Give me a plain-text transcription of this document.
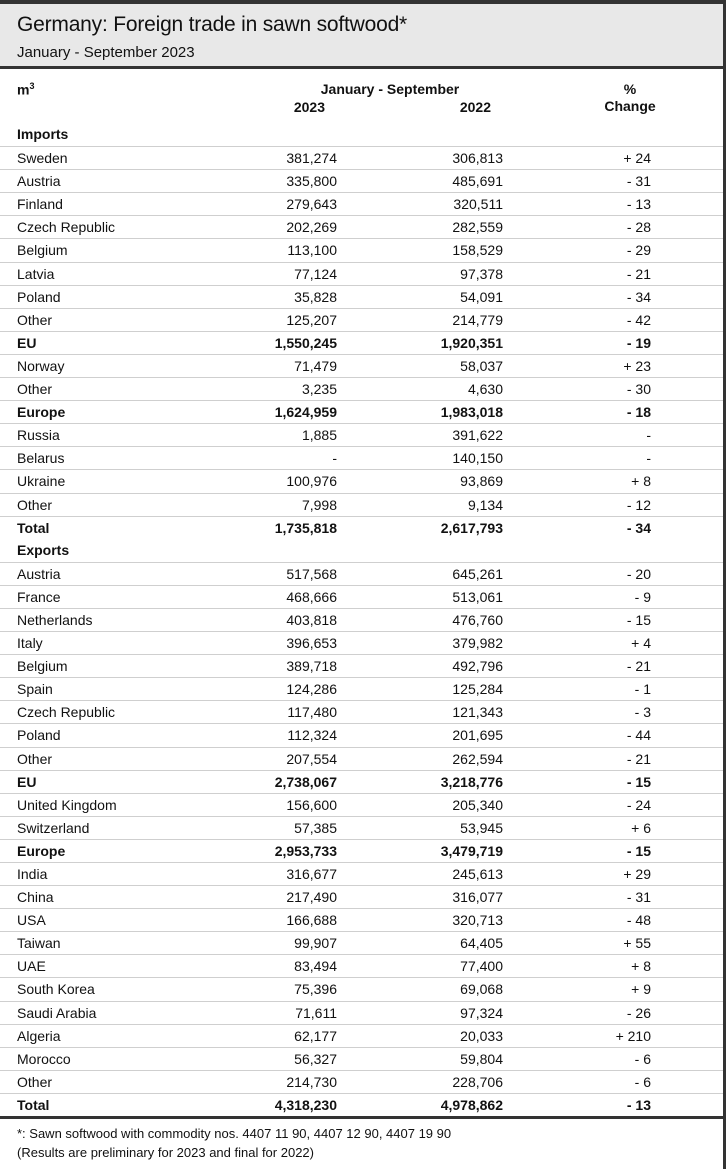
Germany: Foreign trade in sawn softwood*
January - September 2023
$m^3$	January - September
2023	2022
%
Change
Imports
Sweden	381,274	306,813	+ 24
Austria	335,800	485,691	- 31
Finland	279,643	320,511	- 13
Czech Republic	202,269	282,559	- 28
Belgium	113,100	158,529	- 29
Latvia	77,124	97,378	- 21
Poland	35,828	54,091	- 34
Other	125,207	214,779	- 42
EU	1,550,245	1,920,351	- 19
Norway	71,479	58,037	+ 23
Other	3,235	4,630	- 30
Europe	1,624,959	1,983,018	- 18
Russia	1,885	391,622	-
Belarus	-	140,150	-
Ukraine	100,976	93,869	+ 8
Other	7,998	9,134	- 12
Total	1,735,818	2,617,793	- 34
Exports
Austria	517,568	645,261	- 20
France	468,666	513,061	- 9
Netherlands	403,818	476,760	- 15
Italy	396,653	379,982	+ 4
Belgium	389,718	492,796	- 21
Spain	124,286	125,284	- 1
Czech Republic	117,480	121,343	- 3
Poland	112,324	201,695	- 44
Other	207,554	262,594	- 21
EU	2,738,067	3,218,776	- 15
United Kingdom	156,600	205,340	- 24
Switzerland	57,385	53,945	+ 6
Europe	2,953,733	3,479,719	- 15
India	316,677	245,613	+ 29
China	217,490	316,077	- 31
USA	166,688	320,713	- 48
Taiwan	99,907	64,405	+ 55
UAE	83,494	77,400	+ 8
South Korea	75,396	69,068	+ 9
Saudi Arabia	71,611	97,324	- 26
Algeria	62,177	20,033	+ 210
Morocco	56,327	59,804	- 6
Other	214,730	228,706	- 6
Total	4,318,230	4,978,862	- 13
*: Sawn softwood with commodity nos. 4407 11 90, 4407 12 90, 4407 19 90
(Results are preliminary for 2023 and final for 2022)
